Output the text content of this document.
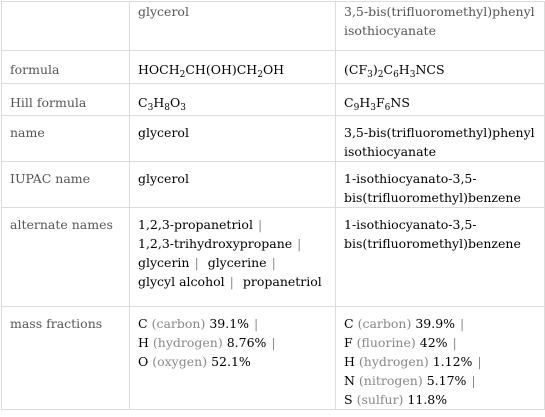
	glycerol	3,5-bis(trifluoromethyl)phenyl isothiocyanate
formula	$HOCH_2CH(OH)CH_2OH$	$(CF_3)_2C_6H_3NCS$
Hill formula	$C_3H_8O_3$	$C_9H_3F_6NS$
name	glycerol	3,5-bis(trifluoromethyl)phenyl isothiocyanate
IUPAC name	glycerol	1-isothiocyanato-3,5-bis(trifluoromethyl)benzene
alternate names	1,2,3-propanetriol | 1,2,3-trihydroxypropane | glycerin | glycerine | glycyl alcohol | propanetriol	1-isothiocyanato-3,5-bis(trifluoromethyl)benzene
mass fractions	C (carbon) 39.1% | H (hydrogen) 8.76% | O (oxygen) 52.1%	C (carbon) 39.9% | F (fluorine) 42% | H (hydrogen) 1.12% | N (nitrogen) 5.17% | S (sulfur) 11.8%
